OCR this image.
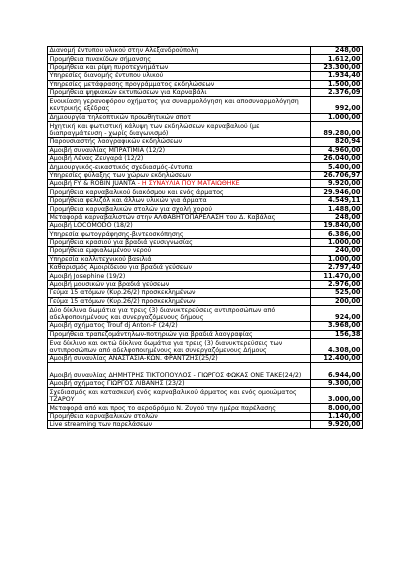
Διανομή έντυπου υλικού στην Αλεξανδρούπολη	248,00
Προμήθεια πινακίδων σήμανσης	1.612,00
Προμήθεια και ρίψη πυροτεχνημάτων	23.300,00
Υπηρεσίες διανομής έντυπου υλικού	1.934,40
Υπηρεσίες μετάφρασης προγράμματος εκδηλώσεων	1.500,00
Προμήθεια ψηφιακών εκτυπώσεων για Καρναβάλι	2.376,09
Ενοικίαση γερανοφόρου οχήματος για συναρμολόγηση και αποσυναρμολόγηση κεντρικής εξέδρας	992,00
Δημιουργία τηλεοπτικών προωθητικών σποτ	1.000,00
Ηχητική και φωτιστική κάλυψη των εκδηλώσεων καρναβαλιού (με διαπραγμάτευση - χωρίς διαγωνισμό)	89.280,00
Παρουσιαστής λαογραφικών εκδηλώσεων	820,94
Αμοιβή συναυλίας ΜΠΡΑΤΙΜΙΑ (12/2)	4.960,00
Αμοιβή Λένας Ζευγαρά (12/2)	26.040,00
Δημιουργικός-εικαστικός σχεδιασμός-έντυπα	5.400,00
Υπηρεσίες φύλαξης των χώρων εκδηλώσεων	26.706,97
Αμοιβή FY & ROBIN JUANTA - Η ΣΥΝΑΥΛΙΑ ΠΟΥ ΜΑΤΑΙΩΘΗΚΕ	9.920,00
Προμήθεια καρναβαλικού διακόσμου και ενός άρματος	29.946,00
Προμήθεια φελιζόλ και άλλων υλικών για άρματα	4.549,11
Προμήθεια καρναβαλικών στολών για σχολή χορού	1.488,00
Μεταφορά καρναβαλιστών στην ΑΛΦΑΒΗΤΟΠΑΡΕΛΑΣΗ του Δ. Καβάλας	248,00
Αμοιβή LOCOMODO (18/2)	19.840,00
Υπηρεσία φωτογράφησης-βιντεοσκόπησης	6.386,00
Προμήθεια κρασιού για βραδιά γευσιγνωσίας	1.000,00
Προμήθεια εμφιαλωμένου νερού	240,00
Υπηρεσία καλλιτεχνικού βαsιλιά	1.000,00
Καθαρισμός Αμοιρίδειου για βραδιά γεύσεων	2.797,40
Αμοιβή Josephine (19/2)	11.470,00
Αμοιβή μουσικών για βραδιά γεύσεων	2.976,00
Γεύμα 15 ατόμων (Κυρ.26/2) προσκεκλημένων	525,00
Γεύμα 15 ατόμων (Κυρ.26/2) προσκεκλημένων	200,00
Δύο δίκλινα δωμάτια για τρεις (3) διανυκτερεύσεις αντιπροσώπων από αδελφοποιημένους και συνεργαζόμενους δήμους	924,00
Αμοιβή σχήματος Trouf dj Anton-F (24/2)	3.968,00
Προμήθεια τραπεζομάντηλων-ποτηριών για βραδιά λαογραφίας	156,38
Ενα δίκλινο και οκτώ δίκλινα δωμάτια για τρεις (3) διανυκτερεύσεις των αντιπροσώπων από αδελφοποιημένους και συνεργαζόμενους Δήμους	4.308,00
Αμοιβή συναυλίας ΑΝΑΣΤΑΣΙΑ-ΚΩΝ. ΦΡΑΝΤΖΗΣ(25/2)	12.400,00
Αμοιβή συναυλίας ΔΗΜΗΤΡΗΣ ΤΙΚΤΟΠΟΥΛΟΣ - ΓΙΩΡΓΟΣ ΦΩΚΑΣ ΟΝΕ ΤΑΚΕ(24/2)	6.944,00
Αμοιβή σχήματος ΓΙΩΡΓΟΣ ΛΙΒΑΝΗΣ (23/2)	9.300,00
Σχεδιασμός και κατασκευή ενός καρναβαλικού άρματος και ενός ομοιώματος ΤΖΑΡΟΥ	3.000,00
Μεταφορά από και προς το αεροδρόμιο Ν. Ζυγού την ημέρα παρέλασης	8.000,00
Προμήθεια καρναβαλικών στολών	1.140,00
Live streaming των παρελάσεων	9.920,00
